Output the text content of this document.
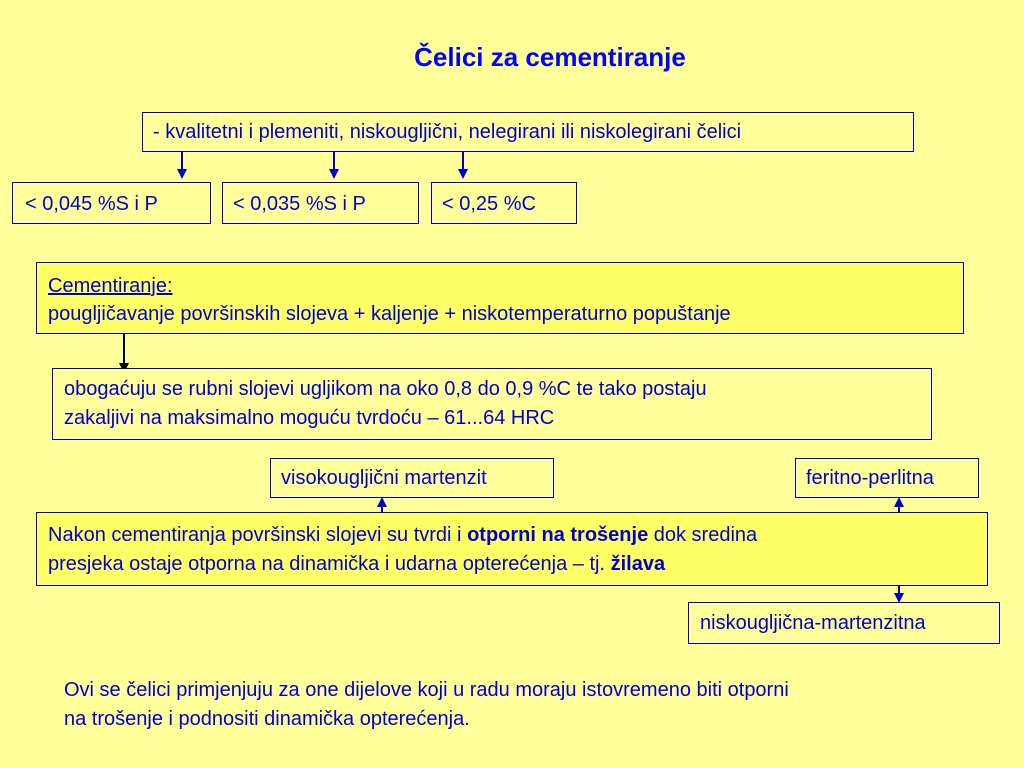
Čelici za cementiranje
- kvalitetni i plemeniti, niskougljični, nelegirani ili niskolegirani čelici
< 0,045 %S i P	< 0,035 %S i P	< 0,25 %C
Cementiranje:
pougljičavanje površinskih slojeva + kaljenje + niskotemperaturno popuštanje
obogaćuju se rubni slojevi ugljikom na oko 0,8 do 0,9 %C te tako postaju
zakaljivi na maksimalno moguću tvrdoću – 61...64 HRC
visokougljični martenzit	feritno-perlitna
Nakon cementiranja površinski slojevi su tvrdi i otporni na trošenje dok sredina
presjeka ostaje otporna na dinamička i udarna opterećenja – tj. žilava
niskougljična-martenzitna
Ovi se čelici primjenjuju za one dijelove koji u radu moraju istovremeno biti otporni
na trošenje i podnositi dinamička opterećenja.
